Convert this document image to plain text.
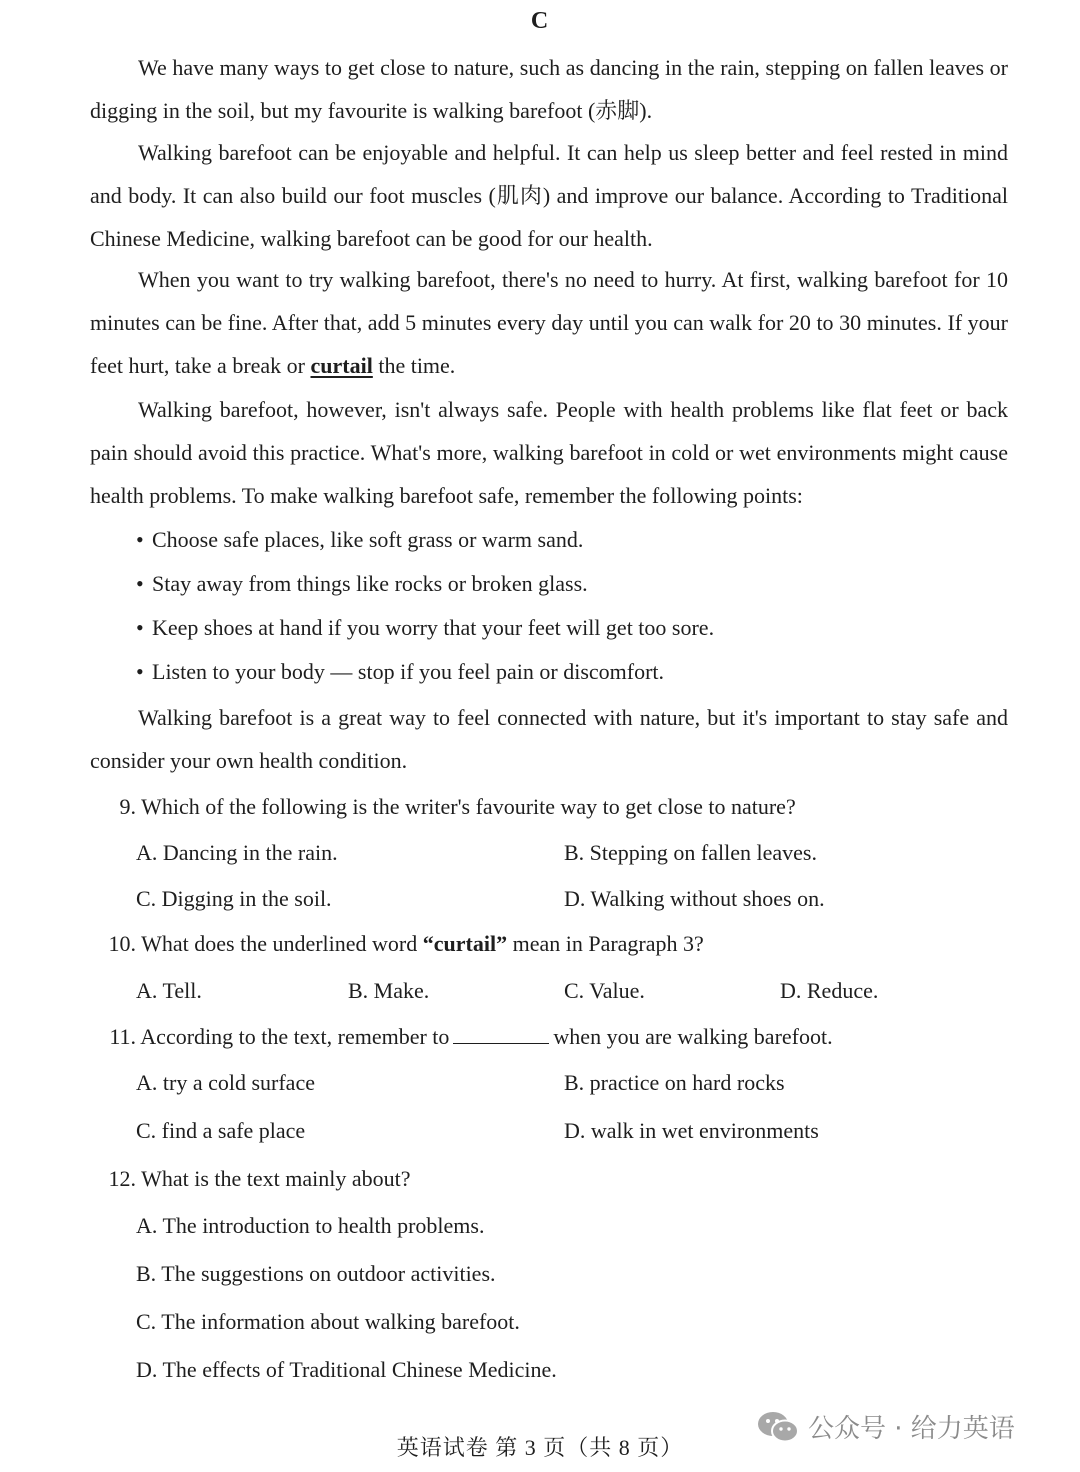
C

We have many ways to get close to nature, such as dancing in the rain, stepping on fallen leaves or digging in the soil, but my favourite is walking barefoot (赤脚).

Walking barefoot can be enjoyable and helpful. It can help us sleep better and feel rested in mind and body. It can also build our foot muscles (肌肉) and improve our balance. According to Traditional Chinese Medicine, walking barefoot can be good for our health.

When you want to try walking barefoot, there's no need to hurry. At first, walking barefoot for 10 minutes can be fine. After that, add 5 minutes every day until you can walk for 20 to 30 minutes. If your feet hurt, take a break or curtail the time.

Walking barefoot, however, isn't always safe. People with health problems like flat feet or back pain should avoid this practice. What's more, walking barefoot in cold or wet environments might cause health problems. To make walking barefoot safe, remember the following points:

• Choose safe places, like soft grass or warm sand.
• Stay away from things like rocks or broken glass.
• Keep shoes at hand if you worry that your feet will get too sore.
• Listen to your body — stop if you feel pain or discomfort.

Walking barefoot is a great way to feel connected with nature, but it's important to stay safe and consider your own health condition.

9. Which of the following is the writer's favourite way to get close to nature?
A. Dancing in the rain.	B. Stepping on fallen leaves.
C. Digging in the soil.	D. Walking without shoes on.
10. What does the underlined word “curtail” mean in Paragraph 3?
A. Tell.	B. Make.	C. Value.	D. Reduce.
11. According to the text, remember to	when you are walking barefoot.
A. try a cold surface	B. practice on hard rocks
C. find a safe place	D. walk in wet environments
12. What is the text mainly about?
A. The introduction to health problems.
B. The suggestions on outdoor activities.
C. The information about walking barefoot.
D. The effects of Traditional Chinese Medicine.
英语试卷 第 3 页（共 8 页）
公众号 · 给力英语
